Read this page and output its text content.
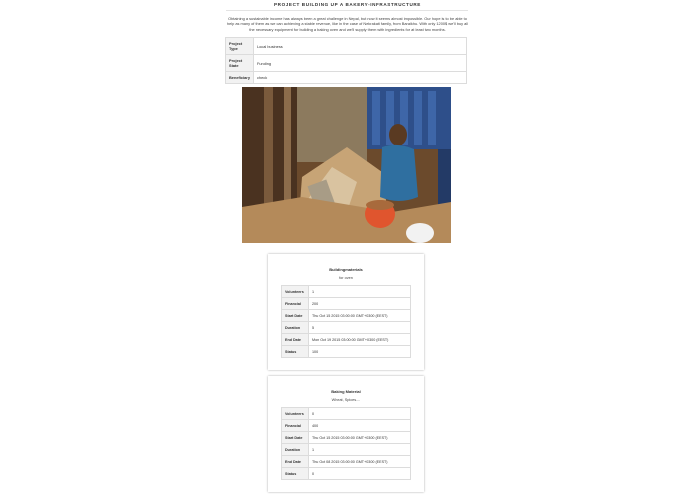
PROJECT BUILDING UP A BAKERY-INFRASTRUCTURE
Obtaining a sustainable income has always been a great challenge in Nepal, but now it seems almost impossible. Our hope is to be able to help as many of them as we can achieving a stable revenue, like in the case of Nekrakati family, from Baraikhu. With only 1200$ we'll buy all the necessary equipment for building a baking oven and we'll supply them with ingredients for at least two months.
Project Type	Local business
Project State	Funding
Beneficiary	check
Buildingmaterials
for oven
Volunteers	1
Financial	200
Start Date	Thu Oct 15 2015 03:00:00 GMT+0300 (EEST)
Duration	5
End Date	Mon Oct 19 2015 03:00:00 GMT+0300 (EEST)
Status	100
Baking Material
Wheat, Spices....
Volunteers	0
Financial	400
Start Date	Thu Oct 15 2015 03:00:00 GMT+0300 (EEST)
Duration	1
End Date	Thu Oct 08 2015 03:00:00 GMT+0300 (EEST)
Status	0
